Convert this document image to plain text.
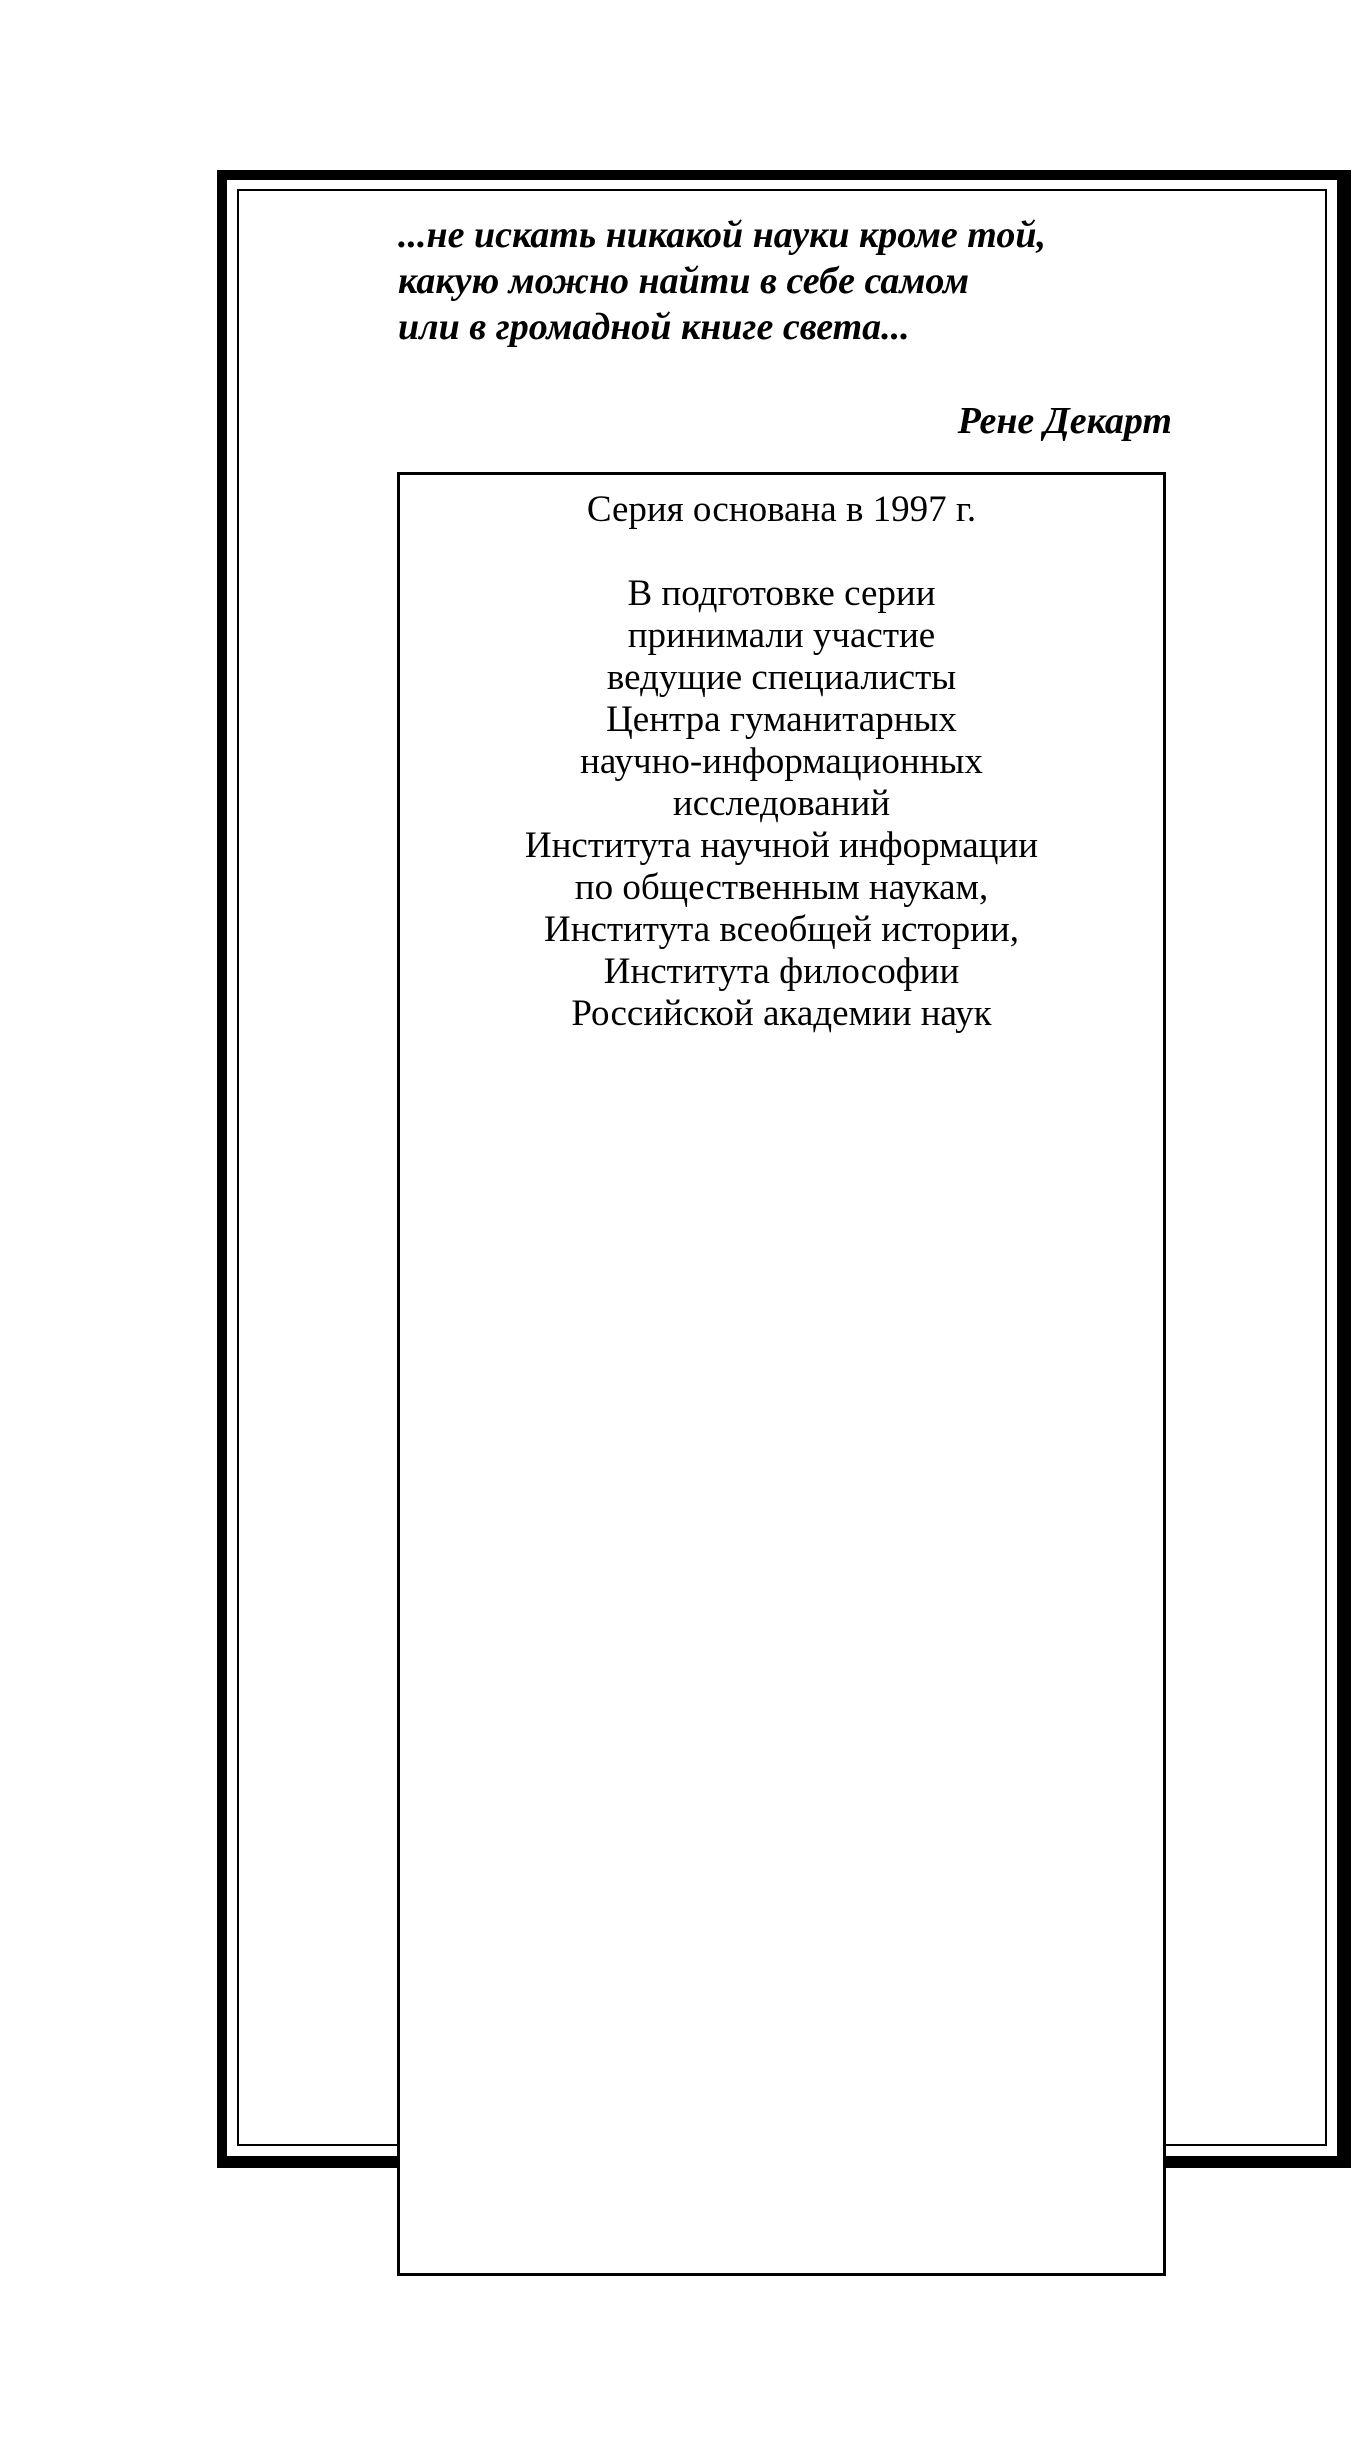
...не искать никакой науки кроме той,
какую можно найти в себе самом
или в громадной книге света...

Рене Декарт
Серия основана в 1997 г.
В подготовке серии
принимали участие
ведущие специалисты
Центра гуманитарных
научно-информационных
исследований
Института научной информации
по общественным наукам,
Института всеобщей истории,
Института философии
Российской академии наук
